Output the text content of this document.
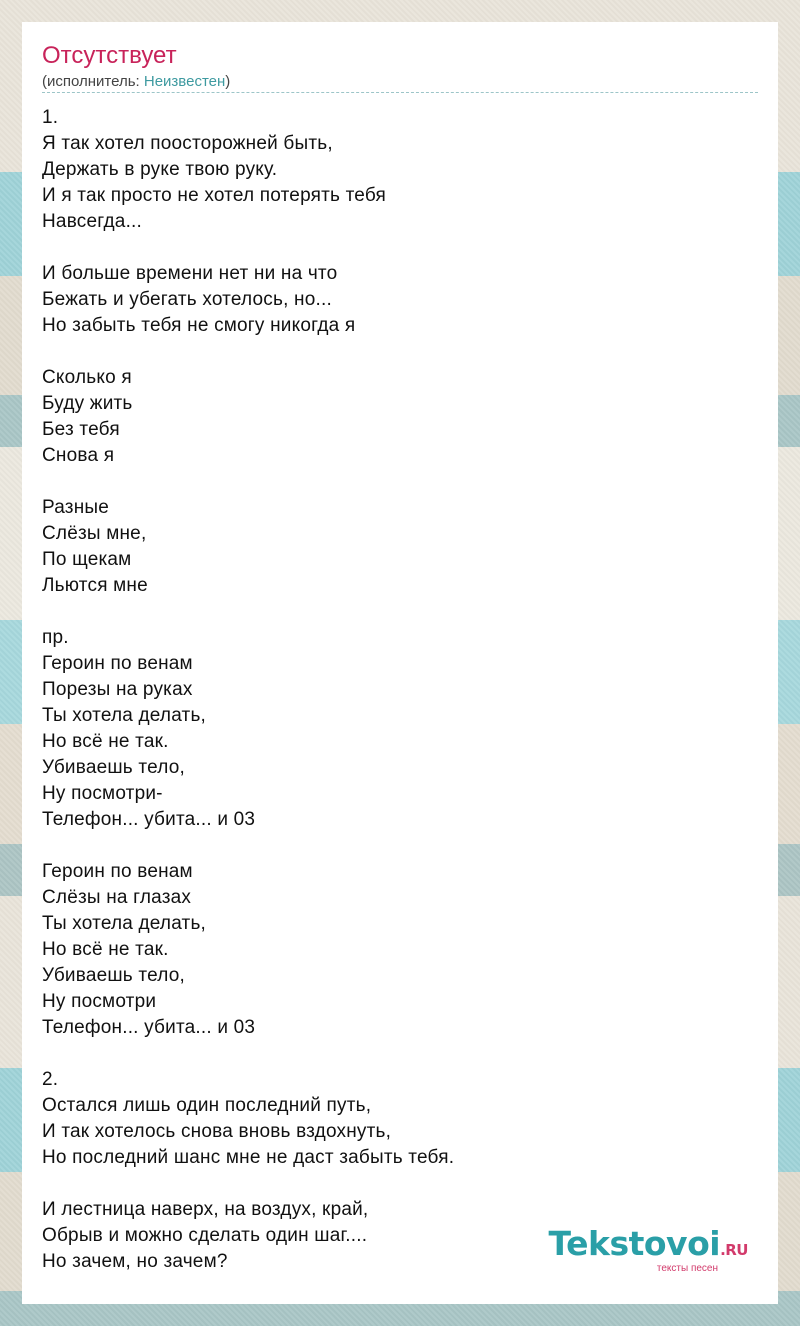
Отсутствует
(исполнитель: Неизвестен)
1.
Я так хотел поосторожней быть,
Держать в руке твою руку.
И я так просто не хотел потерять тебя
Навсегда...

И больше времени нет ни на что
Бежать и убегать хотелось, но...
Но забыть тебя не смогу никогда я

Сколько я
Буду жить
Без тебя
Снова я

Разные
Слёзы мне,
По щекам
Льются мне

пр.
Героин по венам
Порезы на руках
Ты хотела делать,
Но всё не так.
Убиваешь тело,
Ну посмотри-
Телефон... убита... и 03

Героин по венам
Слёзы на глазах
Ты хотела делать,
Но всё не так.
Убиваешь тело,
Ну посмотри
Телефон... убита... и 03

2.
Остался лишь один последний путь,
И так хотелось снова вновь вздохнуть,
Но последний шанс мне не даст забыть тебя.

И лестница наверх, на воздух, край,
Обрыв и можно сделать один шаг....
Но зачем, но зачем?	Tekstovoi.RU
тексты песен
